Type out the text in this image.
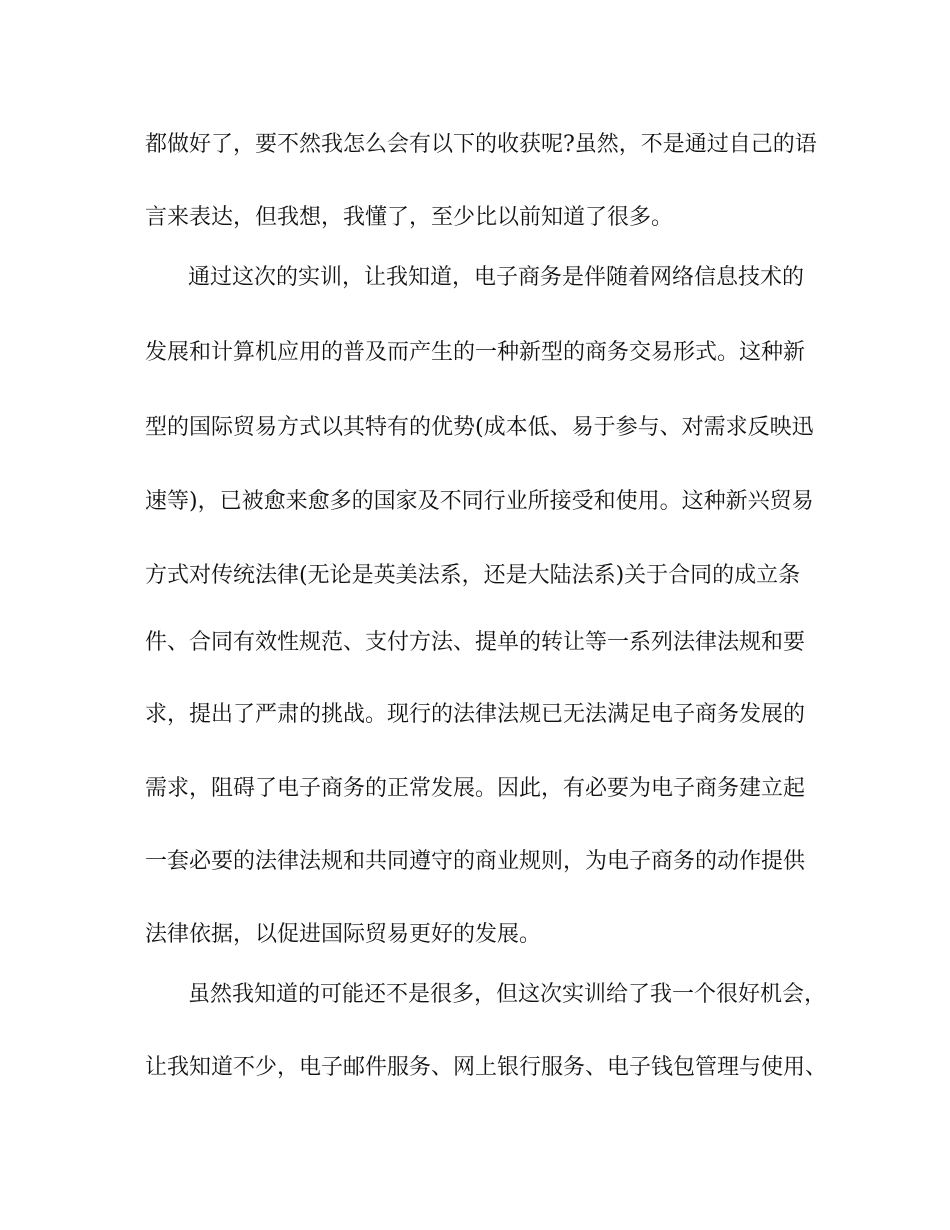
都做好了，要不然我怎么会有以下的收获呢?虽然，不是通过自己的语

言来表达，但我想，我懂了，至少比以前知道了很多。

通过这次的实训，让我知道，电子商务是伴随着网络信息技术的

发展和计算机应用的普及而产生的一种新型的商务交易形式。这种新

型的国际贸易方式以其特有的优势(成本低、易于参与、对需求反映迅

速等)，已被愈来愈多的国家及不同行业所接受和使用。这种新兴贸易

方式对传统法律(无论是英美法系，还是大陆法系)关于合同的成立条

件、合同有效性规范、支付方法、提单的转让等一系列法律法规和要

求，提出了严肃的挑战。现行的法律法规已无法满足电子商务发展的

需求，阻碍了电子商务的正常发展。因此，有必要为电子商务建立起

一套必要的法律法规和共同遵守的商业规则，为电子商务的动作提供

法律依据，以促进国际贸易更好的发展。

虽然我知道的可能还不是很多，但这次实训给了我一个很好机会，

让我知道不少，电子邮件服务、网上银行服务、电子钱包管理与使用、
